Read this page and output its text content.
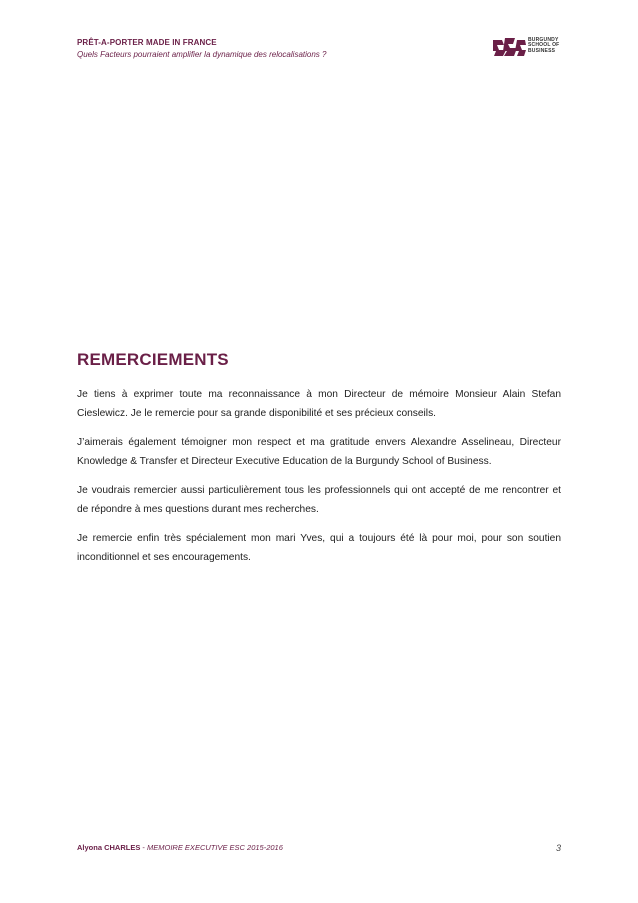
PRÊT-A-PORTER MADE IN FRANCE
Quels Facteurs pourraient amplifier la dynamique des relocalisations ?
BURGUNDY
SCHOOL OF
BUSINESS
REMERCIEMENTS

Je tiens à exprimer toute ma reconnaissance à mon Directeur de mémoire Monsieur Alain Stefan Cieslewicz. Je le remercie pour sa grande disponibilité et ses précieux conseils.

J’aimerais également témoigner mon respect et ma gratitude envers Alexandre Asselineau, Directeur Knowledge & Transfer et Directeur Executive Education de la Burgundy School of Business.

Je voudrais remercier aussi particulièrement tous les professionnels qui ont accepté de me rencontrer et de répondre à mes questions durant mes recherches.

Je remercie enfin très spécialement mon mari Yves, qui a toujours été là pour moi, pour son soutien inconditionnel et ses encouragements.

Alyona CHARLES - MEMOIRE EXECUTIVE ESC 2015-2016	3
